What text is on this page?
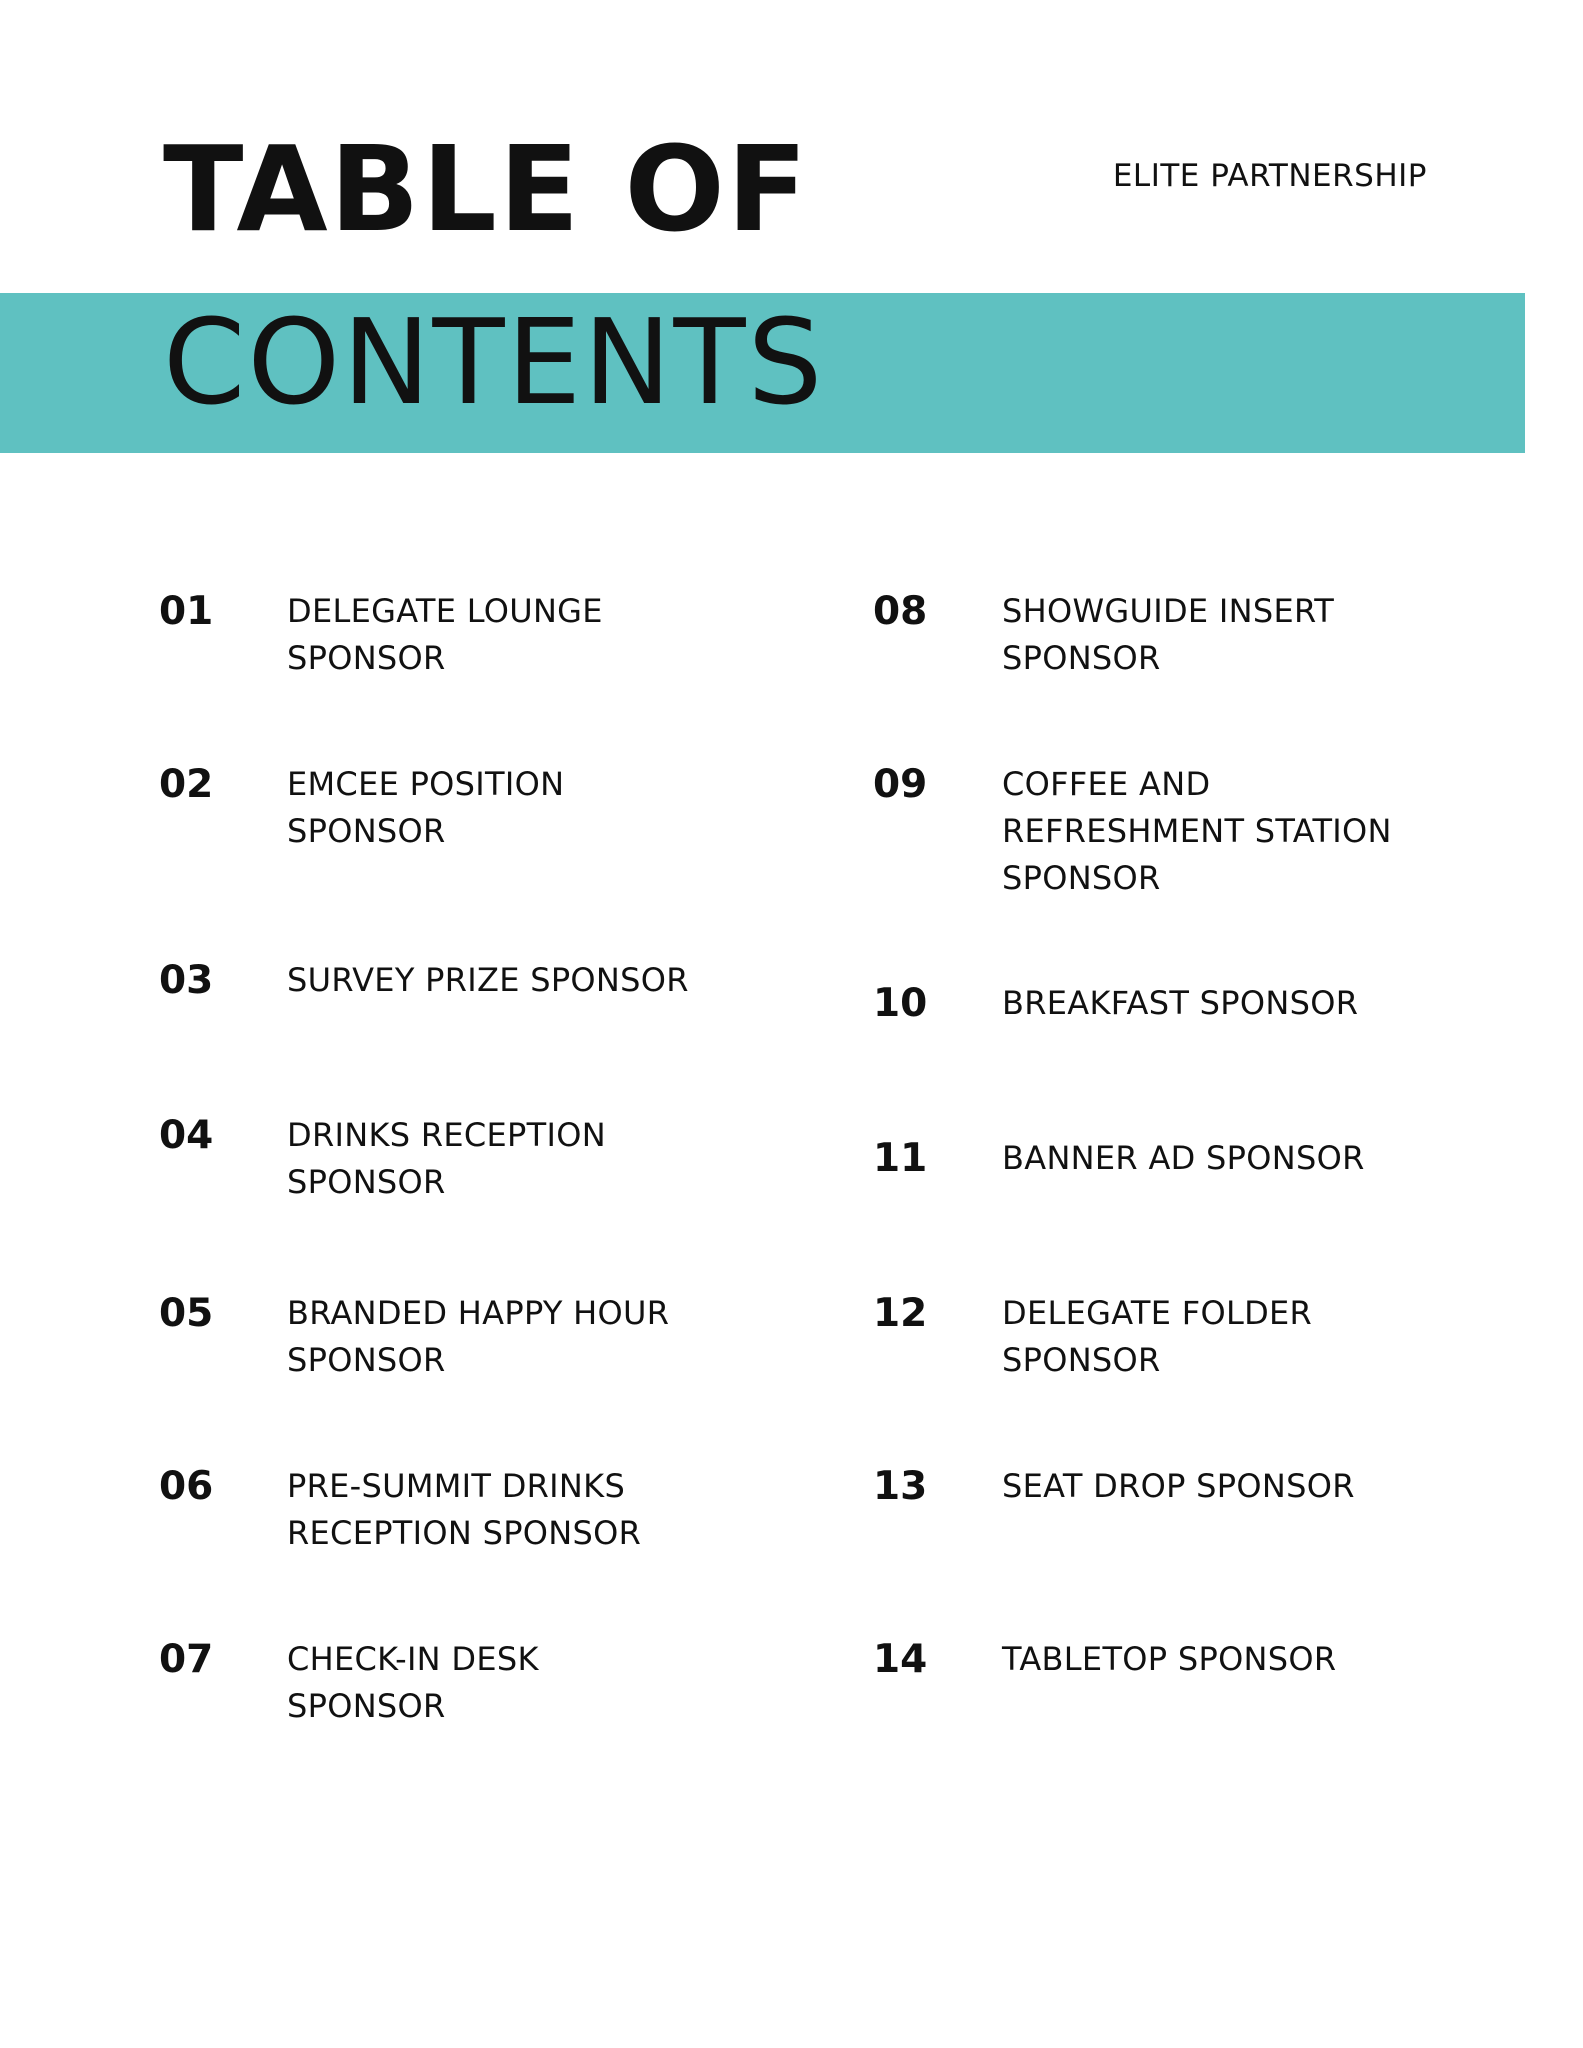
TABLE OF	ELITE PARTNERSHIP
CONTENTS
01 DELEGATE LOUNGE
SPONSOR
02 EMCEE POSITION
SPONSOR
03 SURVEY PRIZE SPONSOR
04 DRINKS RECEPTION
SPONSOR
05 BRANDED HAPPY HOUR
SPONSOR
06 PRE-SUMMIT DRINKS
RECEPTION SPONSOR
07 CHECK-IN DESK
SPONSOR
08 SHOWGUIDE INSERT
SPONSOR
09 COFFEE AND
REFRESHMENT STATION
SPONSOR
10 BREAKFAST SPONSOR
11 BANNER AD SPONSOR
12 DELEGATE FOLDER
SPONSOR
13 SEAT DROP SPONSOR
14 TABLETOP SPONSOR
